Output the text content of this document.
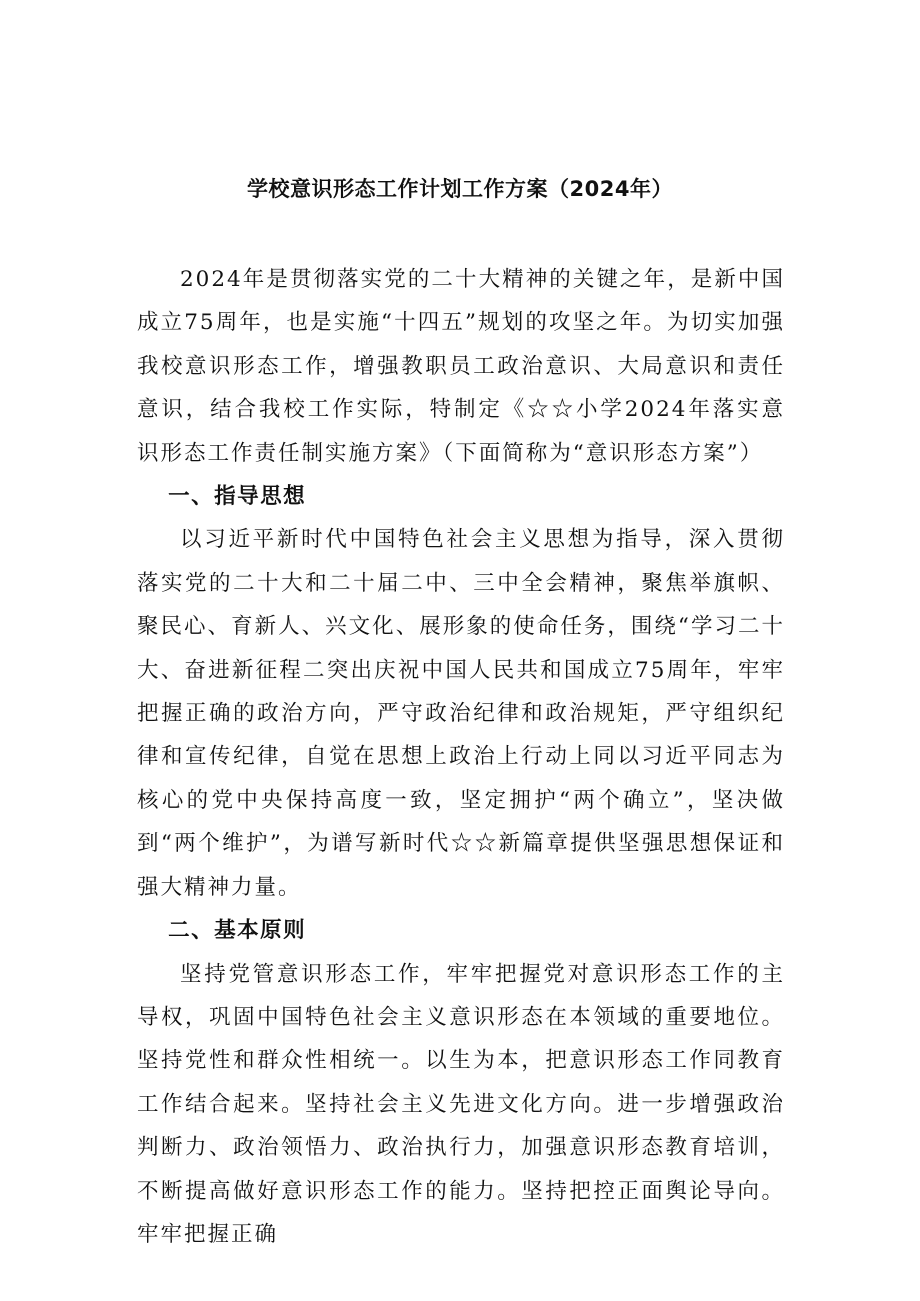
学校意识形态工作计划工作方案（2024年）

2024年是贯彻落实党的二十大精神的关键之年，是新中国成立75周年，也是实施“十四五”规划的攻坚之年。为切实加强我校意识形态工作，增强教职员工政治意识、大局意识和责任意识，结合我校工作实际，特制定《☆☆小学2024年落实意识形态工作责任制实施方案》（下面简称为“意识形态方案”）

一、指导思想

以习近平新时代中国特色社会主义思想为指导，深入贯彻落实党的二十大和二十届二中、三中全会精神，聚焦举旗帜、聚民心、育新人、兴文化、展形象的使命任务，围绕“学习二十大、奋进新征程二突出庆祝中国人民共和国成立75周年，牢牢把握正确的政治方向，严守政治纪律和政治规矩，严守组织纪律和宣传纪律，自觉在思想上政治上行动上同以习近平同志为核心的党中央保持高度一致，坚定拥护“两个确立”，坚决做到“两个维护”，为谱写新时代☆☆新篇章提供坚强思想保证和强大精神力量。

二、基本原则

坚持党管意识形态工作，牢牢把握党对意识形态工作的主导权，巩固中国特色社会主义意识形态在本领域的重要地位。坚持党性和群众性相统一。以生为本，把意识形态工作同教育工作结合起来。坚持社会主义先进文化方向。进一步增强政治判断力、政治领悟力、政治执行力，加强意识形态教育培训，不断提高做好意识形态工作的能力。坚持把控正面舆论导向。牢牢把握正确
